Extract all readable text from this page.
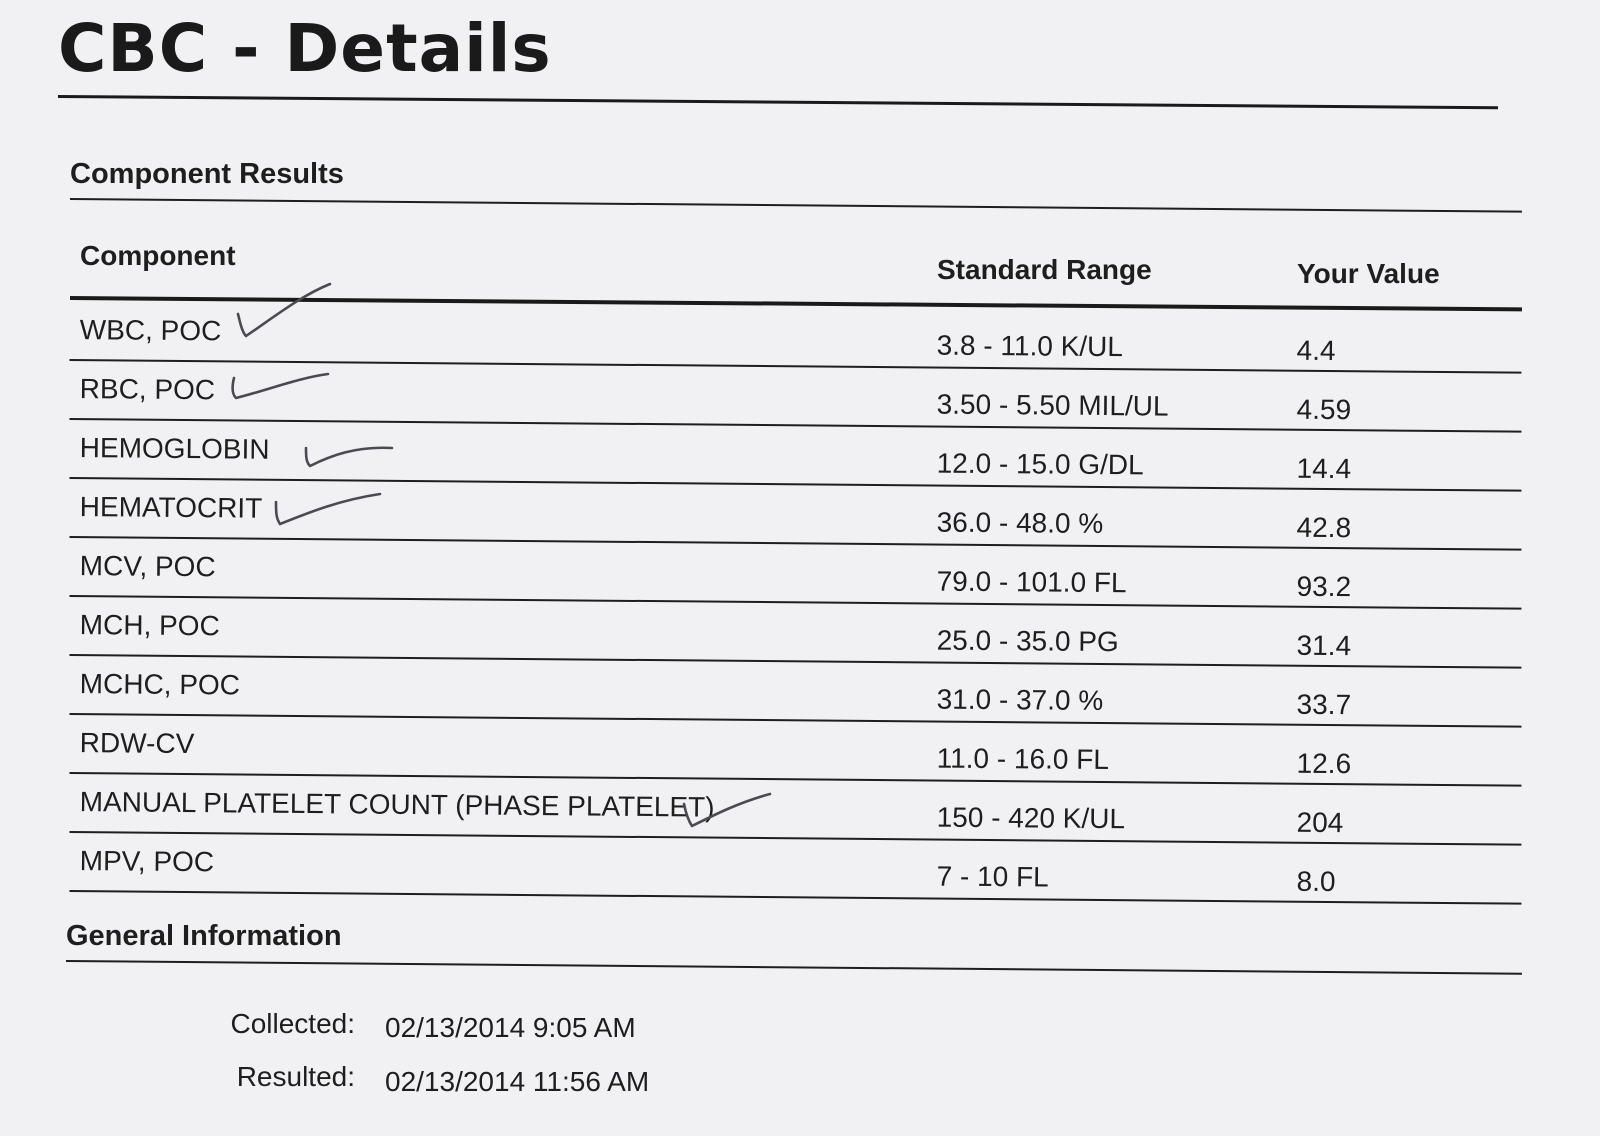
CBC - Details
Component Results
Component	Standard Range	Your Value
WBC, POC	3.8 - 11.0 K/UL	4.4
RBC, POC	3.50 - 5.50 MIL/UL	4.59
HEMOGLOBIN	12.0 - 15.0 G/DL	14.4
HEMATOCRIT	36.0 - 48.0 %	42.8
MCV, POC	79.0 - 101.0 FL	93.2
MCH, POC	25.0 - 35.0 PG	31.4
MCHC, POC	31.0 - 37.0 %	33.7
RDW-CV	11.0 - 16.0 FL	12.6
MANUAL PLATELET COUNT (PHASE PLATELET)	150 - 420 K/UL	204
MPV, POC	7 - 10 FL	8.0
General Information
Collected: 02/13/2014 9:05 AM
Resulted: 02/13/2014 11:56 AM
